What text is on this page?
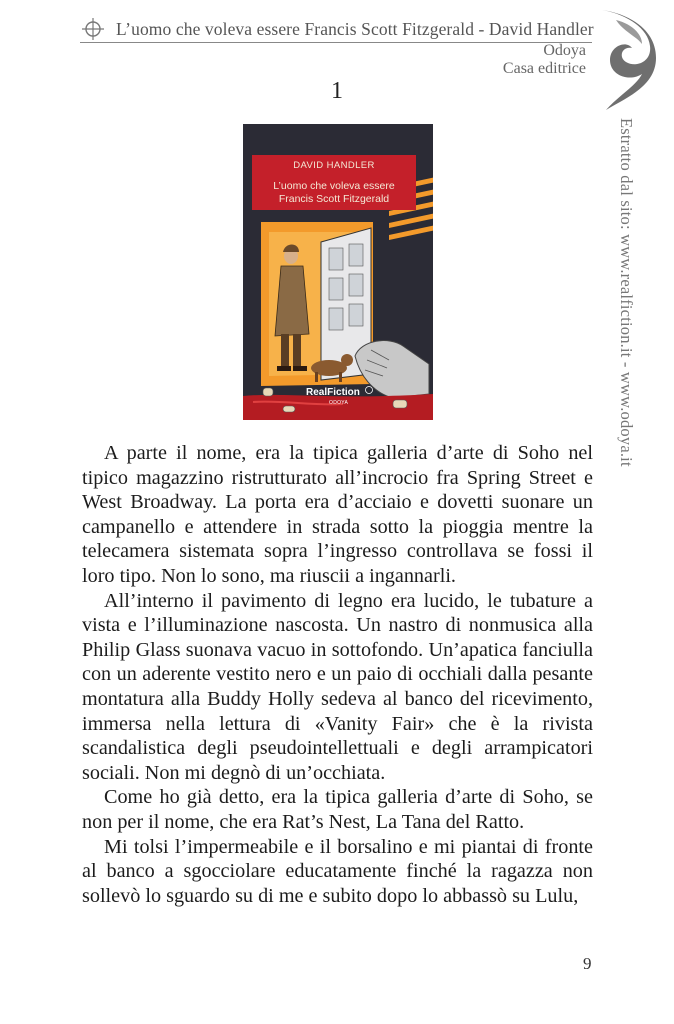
L’uomo che voleva essere Francis Scott Fitzgerald - David Handler
Odoya
Casa editrice
Estratto dal sito: www.realfiction.it - www.odoya.it
1
DAVID HANDLER
L’uomo che voleva essere
Francis Scott Fitzgerald
RealFiction
ODOYA

A parte il nome, era la tipica galleria d’arte di Soho nel tipico magazzino ristrutturato all’incrocio fra Spring Street e West Broadway. La porta era d’acciaio e dovetti suonare un campanello e attendere in strada sotto la pioggia mentre la telecamera sistemata sopra l’ingresso controllava se fossi il loro tipo. Non lo sono, ma riuscii a ingannarli.

All’interno il pavimento di legno era lucido, le tubature a vista e l’illuminazione nascosta. Un nastro di nonmusica alla Philip Glass suonava vacuo in sottofondo. Un’apatica fanciulla con un aderente vestito nero e un paio di occhiali dalla pesante montatura alla Buddy Holly sedeva al banco del ricevimento, immersa nella lettura di «Vanity Fair» che è la rivista scandalistica degli pseudointellettuali e degli arrampicatori sociali. Non mi degnò di un’occhiata.

Come ho già detto, era la tipica galleria d’arte di Soho, se non per il nome, che era Rat’s Nest, La Tana del Ratto.

Mi tolsi l’impermeabile e il borsalino e mi piantai di fronte al banco a sgocciolare educatamente finché la ragazza non sollevò lo sguardo su di me e subito dopo lo abbassò su Lulu,

9
